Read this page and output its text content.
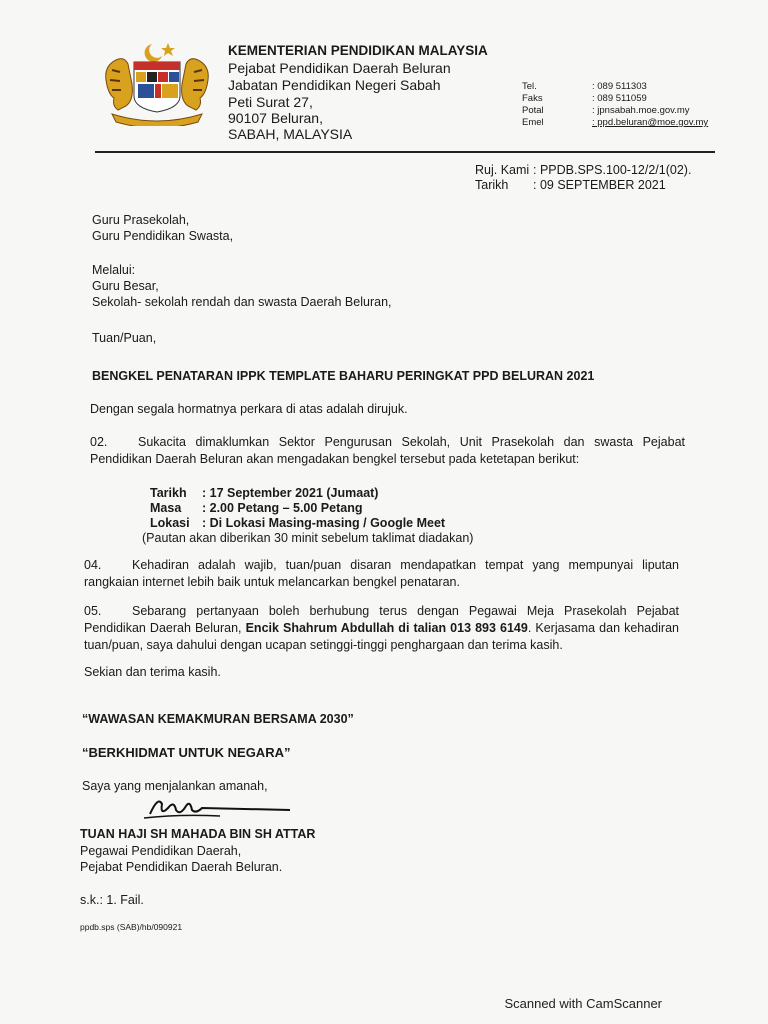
KEMENTERIAN PENDIDIKAN MALAYSIA
Pejabat Pendidikan Daerah Beluran
Jabatan Pendidikan Negeri Sabah
Peti Surat 27,
90107 Beluran,
SABAH, MALAYSIA
Tel.	: 089 511303
Faks	: 089 511059
Potal	: jpnsabah.moe.gov.my
Emel	: ppd.beluran@moe.gov.my
Ruj. Kami : PPDB.SPS.100-12/2/1(02).
Tarikh : 09 SEPTEMBER 2021
Guru Prasekolah,
Guru Pendidikan Swasta,
Melalui:
Guru Besar,
Sekolah- sekolah rendah dan swasta Daerah Beluran,
Tuan/Puan,
BENGKEL PENATARAN IPPK TEMPLATE BAHARU PERINGKAT PPD BELURAN 2021
Dengan segala hormatnya perkara di atas adalah dirujuk.
02. Sukacita dimaklumkan Sektor Pengurusan Sekolah, Unit Prasekolah dan swasta Pejabat Pendidikan Daerah Beluran akan mengadakan bengkel tersebut pada ketetapan berikut:
Tarikh : 17 September 2021 (Jumaat)
Masa : 2.00 Petang – 5.00 Petang
Lokasi : Di Lokasi Masing-masing / Google Meet
(Pautan akan diberikan 30 minit sebelum taklimat diadakan)
04. Kehadiran adalah wajib, tuan/puan disaran mendapatkan tempat yang mempunyai liputan rangkaian internet lebih baik untuk melancarkan bengkel penataran.
05. Sebarang pertanyaan boleh berhubung terus dengan Pegawai Meja Prasekolah Pejabat Pendidikan Daerah Beluran, Encik Shahrum Abdullah di talian 013 893 6149. Kerjasama dan kehadiran tuan/puan, saya dahului dengan ucapan setinggi-tinggi penghargaan dan terima kasih.
Sekian dan terima kasih.
“WAWASAN KEMAKMURAN BERSAMA 2030”
“BERKHIDMAT UNTUK NEGARA”
Saya yang menjalankan amanah,
TUAN HAJI SH MAHADA BIN SH ATTAR
Pegawai Pendidikan Daerah,
Pejabat Pendidikan Daerah Beluran.
s.k.: 1. Fail.
ppdb.sps (SAB)/hb/090921
Scanned with CamScanner
